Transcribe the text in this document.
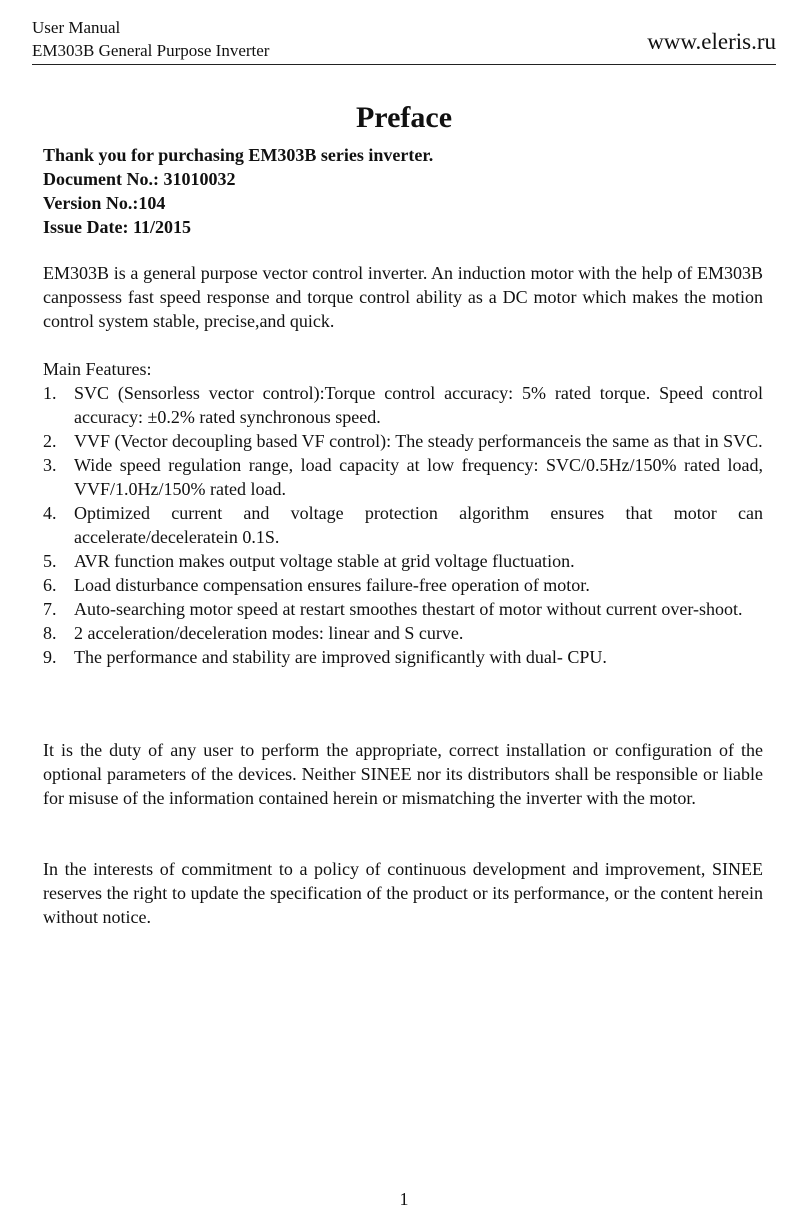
User Manual
EM303B General Purpose Inverter	www.eleris.ru
Preface
Thank you for purchasing EM303B series inverter.
Document No.: 31010032
Version No.:104
Issue Date: 11/2015

EM303B is a general purpose vector control inverter. An induction motor with the help of EM303B canpossess fast speed response and torque control ability as a DC motor which makes the motion control system stable, precise,and quick.

Main Features:

1. SVC (Sensorless vector control):Torque control accuracy: 5% rated torque. Speed control accuracy: ±0.2% rated synchronous speed.
2. VVF (Vector decoupling based VF control): The steady performanceis the same as that in SVC.
3. Wide speed regulation range, load capacity at low frequency: SVC/0.5Hz/150% rated load, VVF/1.0Hz/150% rated load.
4. Optimized current and voltage protection algorithm ensures that motor can accelerate/deceleratein 0.1S.
5. AVR function makes output voltage stable at grid voltage fluctuation.
6. Load disturbance compensation ensures failure-free operation of motor.
7. Auto-searching motor speed at restart smoothes thestart of motor without current over-shoot.
8. 2 acceleration/deceleration modes: linear and S curve.
9. The performance and stability are improved significantly with dual- CPU.

It is the duty of any user to perform the appropriate, correct installation or configuration of the optional parameters of the devices. Neither SINEE nor its distributors shall be responsible or liable for misuse of the information contained herein or mismatching the inverter with the motor.

In the interests of commitment to a policy of continuous development and improvement, SINEE reserves the right to update the specification of the product or its performance, or the content herein without notice.

1
